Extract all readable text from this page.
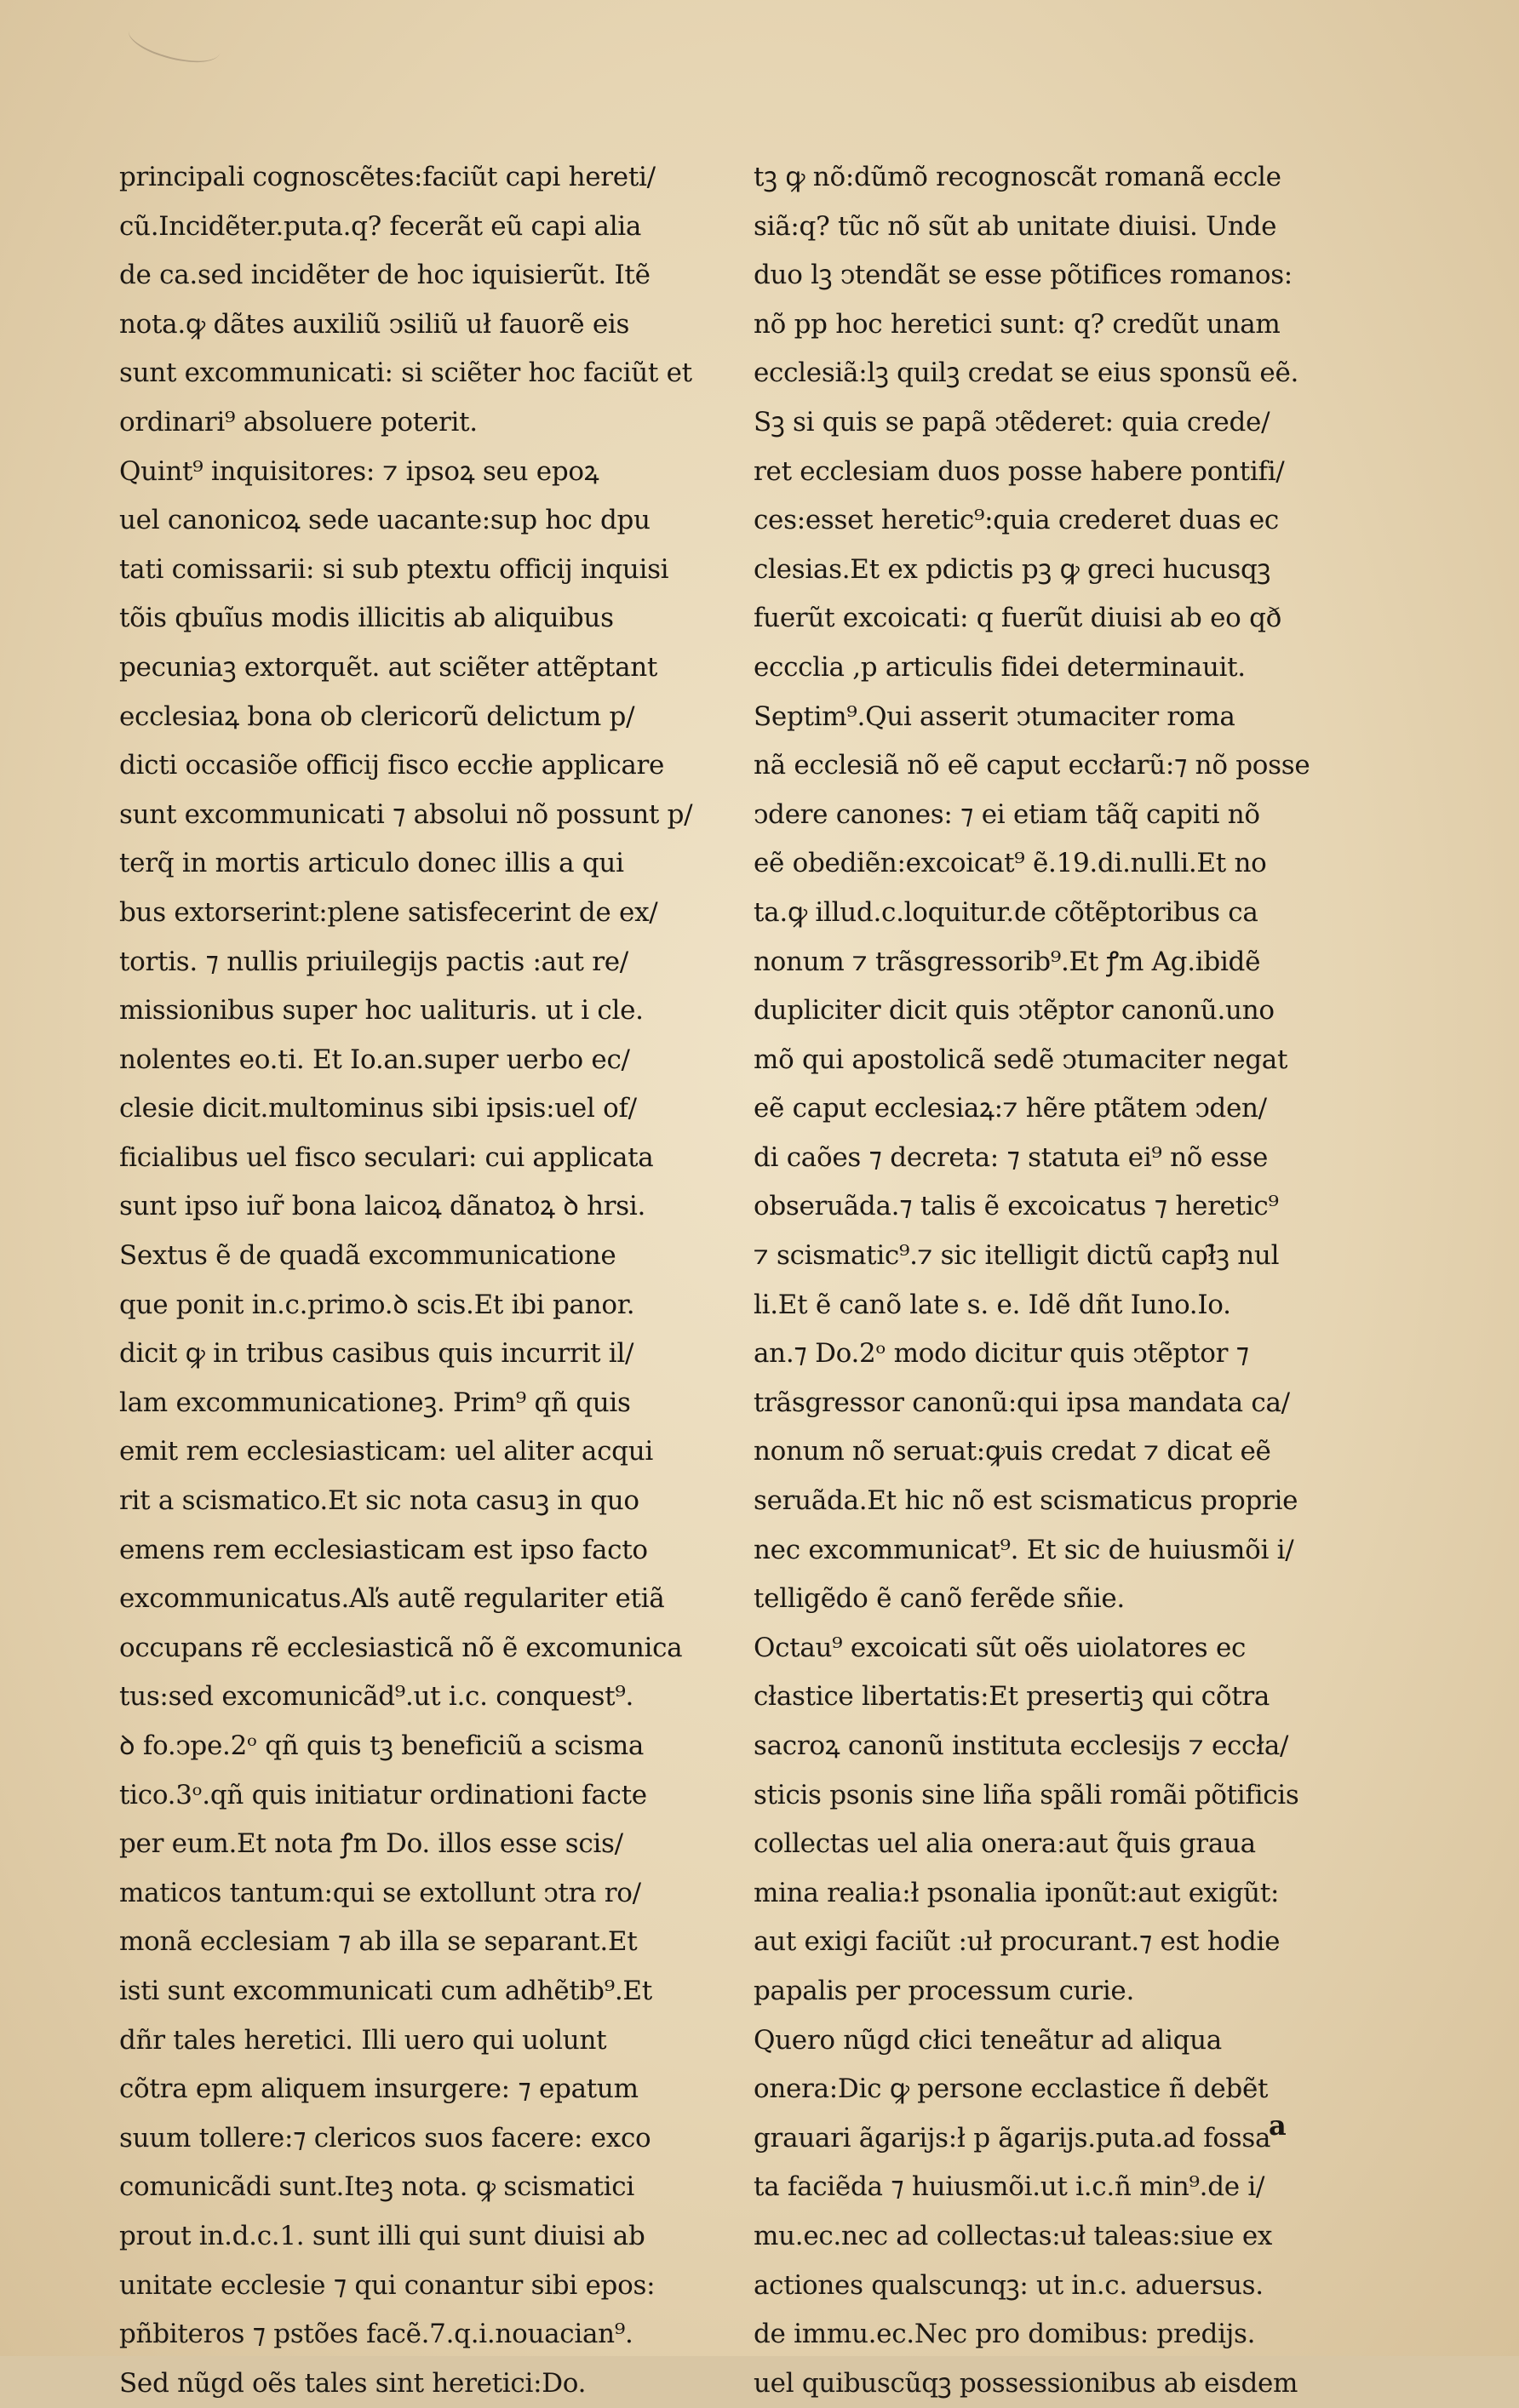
principali cognoscẽtes:faciũt capi hereti/
cũ.Incidẽter.puta.q? fecerãt eũ capi alia
de ca.sed incidẽter de hoc iquisierũt. Itẽ
nota.ꝙ dãtes auxiliũ ↄsiliũ uł fauorẽ eis
sunt excommunicati: si sciẽter hoc faciũt et
ordinari⁹ absoluere poterit.
Quint⁹ inquisitores: ⁊ ipsoꝝ seu epoꝝ
uel canonicoꝝ sede uacante:sup hoc dpu
tati comissarii: si sub ptextu officij inquisi
tõis qbuĩus modis illicitis ab aliquibus
pecuniaꝫ extorquẽt. aut sciẽter attẽptant
ecclesiaꝝ bona ob clericorũ delictum p/
dicti occasiõe officij fisco eccłie applicare
sunt excommunicati ⁊ absolui nõ possunt p/
terq̃ in mortis articulo donec illis a qui
bus extorserint:plene satisfecerint de ex/
tortis. ⁊ nullis priuilegijs pactis :aut re/
missionibus super hoc ualituris. ut i cle.
nolentes eo.ti. Et Io.an.super uerbo ec/
clesie dicit.multominus sibi ipsis:uel of/
ficialibus uel fisco seculari: cui applicata
sunt ipso iur̃ bona laicoꝝ dãnatoꝝ ꝺ hrsi.
Sextus ẽ de quadã excommunicatione
que ponit in.c.primo.ꝺ scis.Et ibi panor.
dicit ꝙ in tribus casibus quis incurrit il/
lam excommunicationeꝫ. Prim⁹ qñ quis
emit rem ecclesiasticam: uel aliter acqui
rit a scismatico.Et sic nota casuꝫ in quo
emens rem ecclesiasticam est ipso facto
excommunicatus.Aľs autẽ regulariter etiã
occupans rẽ ecclesiasticã nõ ẽ excomunica
tus:sed excomunicãd⁹.ut i.c. conquest⁹.
ꝺ fo.ↄpe.2ᵒ qñ quis tꝫ beneficiũ a scisma
tico.3ᵒ.qñ quis initiatur ordinationi facte
per eum.Et nota ꝭm Do. illos esse scis/
maticos tantum:qui se extollunt ↄtra ro/
monã ecclesiam ⁊ ab illa se separant.Et
isti sunt excommunicati cum adhẽtib⁹.Et
dñr tales heretici. Illi uero qui uolunt
cõtra epm aliquem insurgere: ⁊ epatum
suum tollere:⁊ clericos suos facere: exco
comunicãdi sunt.Iteꝫ nota. ꝙ scismatici
prout in.d.c.1. sunt illi qui sunt diuisi ab
unitate ecclesie ⁊ qui conantur sibi epos:
pñbiteros ⁊ pstões facẽ.7.q.i.nouacian⁹.
Sed nũgd oẽs tales sint heretici:Do.
tꝫ ꝙ nõ:dũmõ recognoscãt romanã eccle
siã:q? tũc nõ sũt ab unitate diuisi. Unde
duo lꝫ ↄtendãt se esse põtifices romanos:
nõ pp hoc heretici sunt: q? credũt unam
ecclesiã:lꝫ quilꝫ credat se eius sponsũ eẽ.
Sꝫ si quis se papã ↄtẽderet: quia crede/
ret ecclesiam duos posse habere pontifi/
ces:esset heretic⁹:quia crederet duas ec
clesias.Et ex pdictis pꝫ ꝙ greci hucusqꝫ
fuerũt excoicati: q fuerũt diuisi ab eo qð
eccclia ,p articulis fidei determinauit.
Septim⁹.Qui asserit ↄtumaciter roma
nã ecclesiã nõ eẽ caput eccłarũ:⁊ nõ posse
ↄdere canones: ⁊ ei etiam tãq̃ capiti nõ
eẽ obediẽn:excoicat⁹ ẽ.19.di.nulli.Et no
ta.ꝙ illud.c.loquitur.de cõtẽptoribus ca
nonum ⁊ trãsgressorib⁹.Et ꝭm Ag.ibidẽ
dupliciter dicit quis ↄtẽptor canonũ.uno
mõ qui apostolicã sedẽ ↄtumaciter negat
eẽ caput ecclesiaꝝ:⁊ hẽre ptãtem ↄden/
di caões ⁊ decreta: ⁊ statuta ei⁹ nõ esse
obseruãda.⁊ talis ẽ excoicatus ⁊ heretic⁹
⁊ scismatic⁹.⁊ sic itelligit dictũ capł̃ꝫ nul
li.Et ẽ canõ late s. e. Idẽ dñt Iuno.Io.
an.⁊ Do.2ᵒ modo dicitur quis ↄtẽptor ⁊
trãsgressor canonũ:qui ipsa mandata ca/
nonum nõ seruat:ꝙuis credat ⁊ dicat eẽ
seruãda.Et hic nõ est scismaticus proprie
nec excommunicat⁹. Et sic de huiusmõi i/
telligẽdo ẽ canõ ferẽde sñie.
Octau⁹ excoicati sũt oẽs uiolatores ec
cłastice libertatis:Et presertiꝫ qui cõtra
sacroꝝ canonũ instituta ecclesijs ⁊ eccła/
sticis psonis sine liña spãli romãi põtificis
collectas uel alia onera:aut q̃uis graua
mina realia:ł psonalia iponũt:aut exigũt:
aut exigi faciũt :uł procurant.⁊ est hodie
papalis per processum curie.
Quero nũgd cłici teneãtur ad aliqua
onera:Dic ꝙ persone ecclastice ñ debẽt
grauari ãgarijs:ł p ãgarijs.puta.ad fossa
ta faciẽda ⁊ huiusmõi.ut i.c.ñ min⁹.de i/
mu.ec.nec ad collectas:uł taleas:siue ex
actiones qualscunqꝫ: ut in.c. aduersus.
de immu.ec.Nec pro domibus: predijs.
uel quibuscũqꝫ possessionibus ab eisdem
a
